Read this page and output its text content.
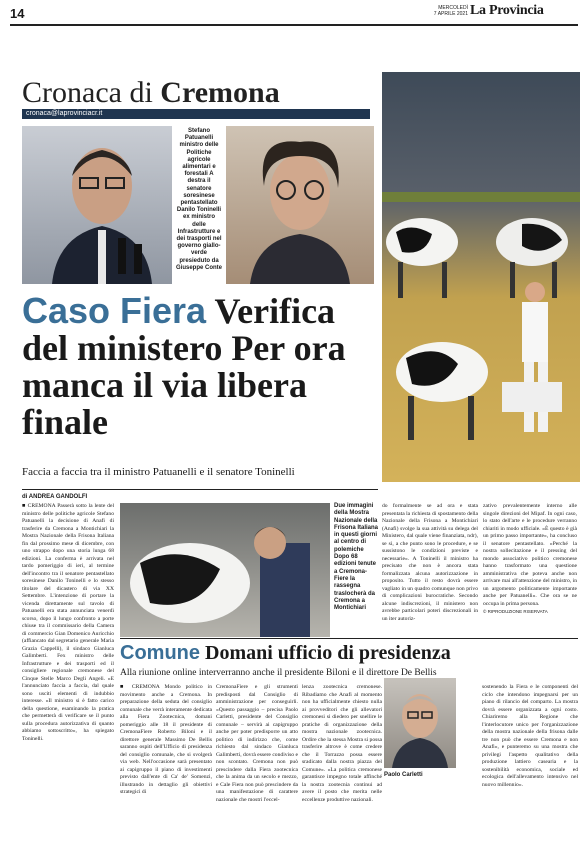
14	MERCOLEDÌ
7 APRILE 2021 La Provincia
Cronaca di Cremona
cronaca@laprovinciacr.it
Stefano Patuanelli ministro delle Politiche agricole alimentari e forestali A destra il senatore soresinese pentastellato Danilo Toninelli ex ministro delle Infrastrutture e dei trasporti nel governo giallo-verde presieduto da Giuseppe Conte
Caso Fiera Verifica del ministero Per ora manca il via libera finale
Faccia a faccia tra il ministro Patuanelli e il senatore Toninelli
di ANDREA GANDOLFI
■ CREMONA Passerà sotto la lente del ministro delle politiche agricole Stefano Patuanelli la decisione di Anafi di trasferire da Cremona a Montichiari la Mostra Nazionale della Frisona Italiana fin dal prossimo mese di dicembre, con uno strappo dopo una storia lunga 68 edizioni. La conferma è arrivata nel tardo pomeriggio di ieri, al termine dell'incontro tra il senatore pentastellato soresinese Danilo Toninelli e lo stesso titolare del dicastero di via XX Settembre. L'intenzione di portare la vicenda direttamente sul tavolo di Patuanelli era stata annunciata venerdì scorso, dopo il lungo confronto a porte chiuse tra il commissario della Camera di commercio Gian Domenico Auricchio (affiancato dal segretario generale Maria Grazia Cappelli), il sindaco Gianluca Galimberti. Fex ministro delle Infrastrutture e dei trasporti ed il consigliere regionale cremonese del Cinque Stelle Marco Degli Angeli. «E l'annunciato faccia a faccia, dal quale sono usciti elementi di indubbio interesse. «Il ministro si è fatto carico della questione, esaminando la pratica che permetterà di verificare se il punto sulla procedura autorizzativa di quanto abbiamo sottoscritto», ha spiegato Toninelli.
Due immagini della Mostra Nazionale della Frisona Italiana in questi giorni al centro di polemiche Dopo 68 edizioni tenute a Cremona-Fiere la rassegna traslocherà da Cremona a Montichiari
do formalmente se ad ora e stata presentata la richiesta di spostamento della Nazionale della Frisona a Montichiari (Anafi) svolge la sua attività su delega del Ministero, dal quale viene finanziata, ndr), se sì, a che punto sono le procedure, e se sussistono le condizioni previste e necessarie». A Toninelli il ministro ha precisato che non è ancora stata formalizzata alcuna autorizzazione in proposito. Tutto il resto dovrà essere vagliato in un quadro comunque non privo di complicazioni burocratiche. Secondo alcune indiscrezioni, il ministero non avrebbe particolari poteri discrezionali in un iter autoriz-
zativo prevalentemente interno alle singole direzioni del Mipaf. In ogni caso, lo stato dell'arte e le procedure verranno chiariti in modo ufficiale. «È questo è già un primo passo importante», ha concluso il senatore pentastellato. «Perché la nostra sollecitazione e il pressing del mondo associativo politico cremonese hanno trasformato una questione amministrativa che poteva anche non arrivare mai all'attenzione del ministro, in un argomento politicamente importante anche per Patuanelli». Che ora se ne occupa in prima persona.
© RIPRODUZIONE RISERVATA
Comune Domani ufficio di presidenza
Alla riunione online interverranno anche il presidente Biloni e il direttore De Bellis
■ CREMONA Mondo politico in movimento anche a Cremona. In preparazione della seduta del consiglio comunale che verrà interamente dedicata alla Fiera Zootecnica, domani pomeriggio alle 18 il presidente di CremonaFiere Roberto Biloni e il direttore generale Massimo De Bellis saranno ospiti dell'Ufficio di presidenza del consiglio comunale, che si svolgerà via web. Nell'occasione sarà presentato ai capigruppo il piano di investimenti previsto dall'ente di Ca' de' Somenzi, illustrando in dettaglio gli obiettivi strategici di
CremonaFiere e gli strumenti predisposti dal Consiglio di amministrazione per conseguirli. «Questo passaggio – precisa Paolo Carletti, presidente del Consiglio comunale – servirà ai capigruppo anche per poter predisporre un atto politico di indirizzo che, come richiesto dal sindaco Gianluca Galimberti, dovrà essere condiviso e non scontato. Cremona non può prescindere dalla Fiera zootecnica che la anima da un secolo e mezzo, e Cale Fiera non può prescindere da una manifestazione di carattere nazionale che mostri l'eccel-
lenza zootecnica cremonese. Ribadiamo che Anafi al momento non ha ufficialmente chiesto nulla ai provveditori che gli allevatori cremonesi si diedero per snellire le pratiche di organizzazione della mostra nazionale zootecnica. Ordire che la stessa Mostra si possa trasferire altrove è come credere che il Torrazzo possa essere sradicato dalla nostra piazza del Comune». «La politica cremonese garantisce impegno totale affinché la nostra zootecnia continui ad avere il posto che merita nelle eccellenze produttive nazionali.
Paolo Carletti
sostenendo la Fiera e le componenti del ciclo che intendono impegnarsi per un piano di rilancio del comparto. La mostra dovrà essere organizzata a ogni costo. Chiariremo alla Regione che l'interlocutore unico per l'organizzazione della mostra nazionale della frisona dalle tre non può che essere Cremona e non Anafi», e punteremo su una mostra che privilegi l'aspetto qualitativo della produzione lattiero casearia e la sostenibilità economica, sociale ed ecologica dell'allevamento intensivo nel nuovo millennio».
